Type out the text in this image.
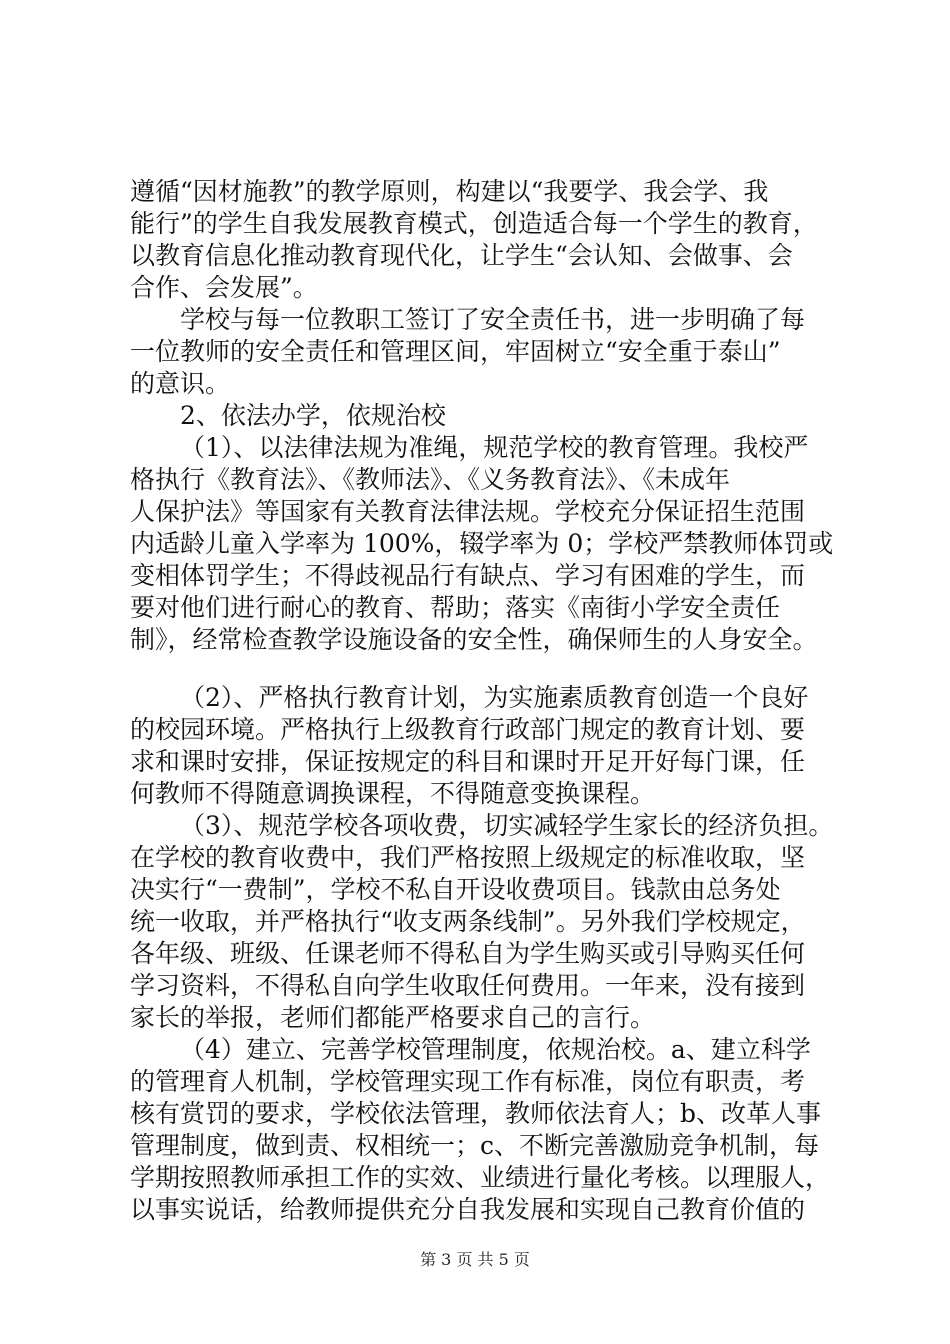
遵循“因材施教”的教学原则，构建以“我要学、我会学、我
能行”的学生自我发展教育模式，创造适合每一个学生的教育，
以教育信息化推动教育现代化，让学生“会认知、会做事、会
合作、会发展”。
学校与每一位教职工签订了安全责任书，进一步明确了每
一位教师的安全责任和管理区间，牢固树立“安全重于泰山”
的意识。
2、依法办学，依规治校
（1）、以法律法规为准绳，规范学校的教育管理。我校严
格执行《教育法》、《教师法》、《义务教育法》、《未成年
人保护法》等国家有关教育法律法规。学校充分保证招生范围
内适龄儿童入学率为 100%，辍学率为 0；学校严禁教师体罚或
变相体罚学生；不得歧视品行有缺点、学习有困难的学生，而
要对他们进行耐心的教育、帮助；落实《南街小学安全责任
制》，经常检查教学设施设备的安全性，确保师生的人身安全。
（2）、严格执行教育计划，为实施素质教育创造一个良好
的校园环境。严格执行上级教育行政部门规定的教育计划、要
求和课时安排，保证按规定的科目和课时开足开好每门课，任
何教师不得随意调换课程，不得随意变换课程。
（3）、规范学校各项收费，切实减轻学生家长的经济负担。
在学校的教育收费中，我们严格按照上级规定的标准收取，坚
决实行“一费制”，学校不私自开设收费项目。钱款由总务处
统一收取，并严格执行“收支两条线制”。另外我们学校规定，
各年级、班级、任课老师不得私自为学生购买或引导购买任何
学习资料，不得私自向学生收取任何费用。一年来，没有接到
家长的举报，老师们都能严格要求自己的言行。
（4）建立、完善学校管理制度，依规治校。a、建立科学
的管理育人机制，学校管理实现工作有标准，岗位有职责，考
核有赏罚的要求，学校依法管理，教师依法育人；b、改革人事
管理制度，做到责、权相统一；c、不断完善激励竞争机制，每
学期按照教师承担工作的实效、业绩进行量化考核。以理服人，
以事实说话，给教师提供充分自我发展和实现自己教育价值的
第 3 页 共 5 页
